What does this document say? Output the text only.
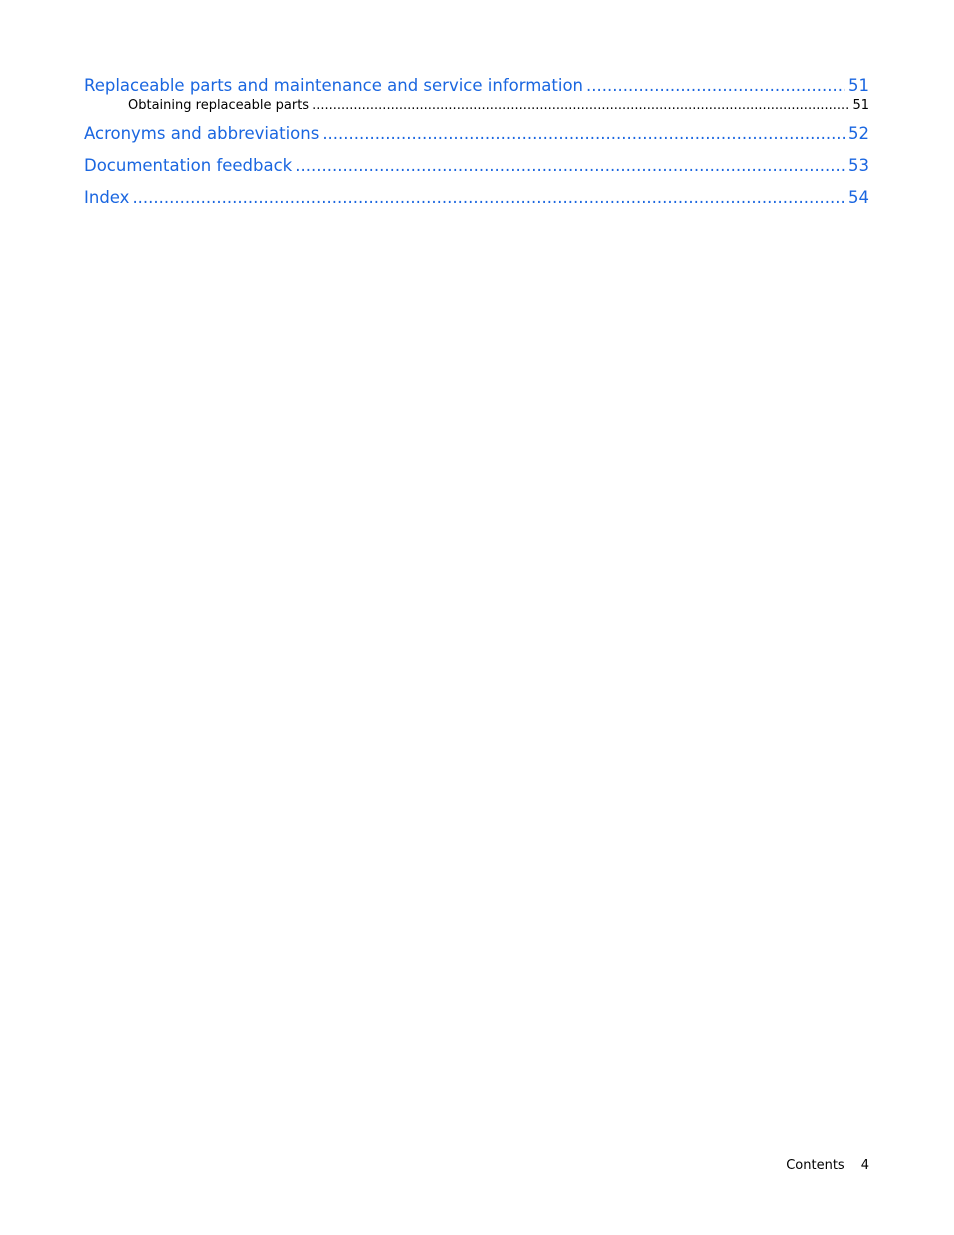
Replaceable parts and maintenance and service information .....	51
Obtaining replaceable parts .....	51
Acronyms and abbreviations .....	52
Documentation feedback .....	53
Index .....	54
Contents 4
